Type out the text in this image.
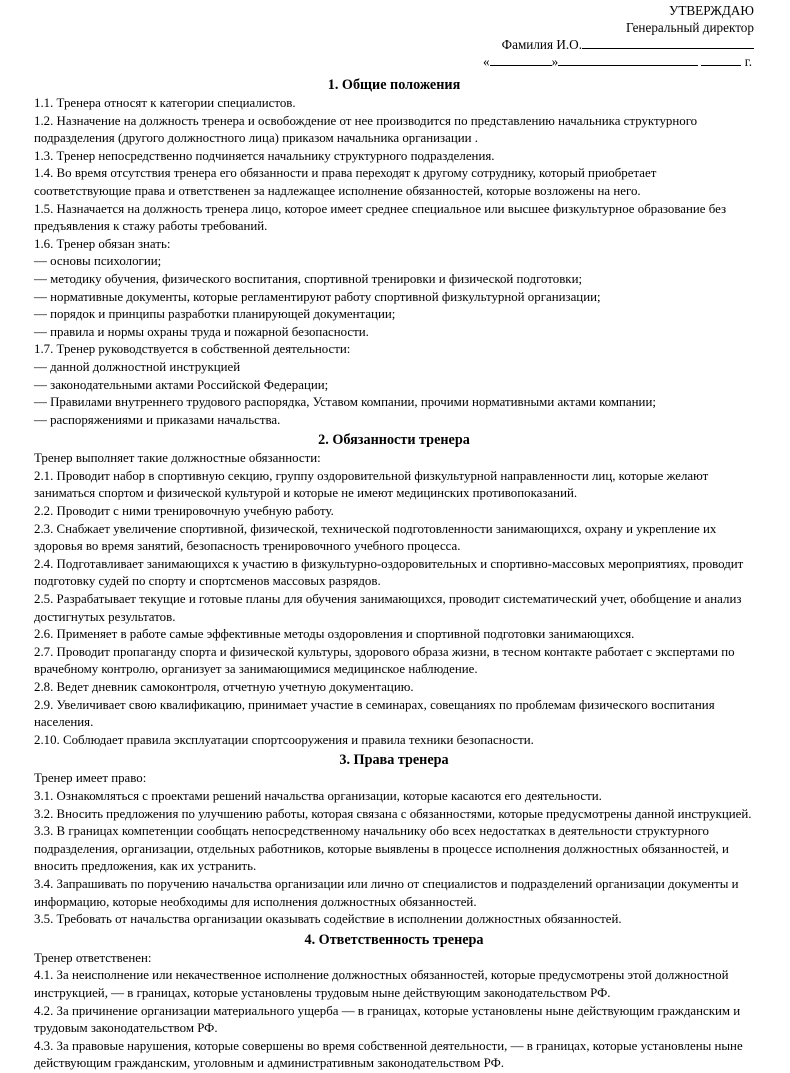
УТВЕРЖДАЮ
Генеральный директор
Фамилия И.О.
«	»	г.
1. Общие положения

1.1. Тренера относят к категории специалистов.

1.2. Назначение на должность тренера и освобождение от нее производится по представлению начальника структурного подразделения (другого должностного лица) приказом начальника организации .

1.3. Тренер непосредственно подчиняется начальнику структурного подразделения.

1.4. Во время отсутствия тренера его обязанности и права переходят к другому сотруднику, который приобретает соответствующие права и ответственен за надлежащее исполнение обязанностей, которые возложены на него.

1.5. Назначается на должность тренера лицо, которое имеет среднее специальное или высшее физкультурное образование без предъявления к стажу работы требований.

1.6. Тренер обязан знать:

— основы психологии;

— методику обучения, физического воспитания, спортивной тренировки и физической подготовки;

— нормативные документы, которые регламентируют работу спортивной физкультурной организации;

— порядок и принципы разработки планирующей документации;

— правила и нормы охраны труда и пожарной безопасности.

1.7. Тренер руководствуется в собственной деятельности:

— данной должностной инструкцией

— законодательными актами Российской Федерации;

— Правилами внутреннего трудового распорядка, Уставом компании, прочими нормативными актами компании;

— распоряжениями и приказами начальства.

2. Обязанности тренера

Тренер выполняет такие должностные обязанности:

2.1. Проводит набор в спортивную секцию, группу оздоровительной физкультурной направленности лиц, которые желают заниматься спортом и физической культурой и которые не имеют медицинских противопоказаний.

2.2. Проводит с ними тренировочную учебную работу.

2.3. Снабжает увеличение спортивной, физической, технической подготовленности занимающихся, охрану и укрепление их здоровья во время занятий, безопасность тренировочного учебного процесса.

2.4. Подготавливает занимающихся к участию в физкультурно-оздоровительных и спортивно-массовых мероприятиях, проводит подготовку судей по спорту и спортсменов массовых разрядов.

2.5. Разрабатывает текущие и готовые планы для обучения занимающихся, проводит систематический учет, обобщение и анализ достигнутых результатов.

2.6. Применяет в работе самые эффективные методы оздоровления и спортивной подготовки занимающихся.

2.7. Проводит пропаганду спорта и физической культуры, здорового образа жизни, в тесном контакте работает с экспертами по врачебному контролю, организует за занимающимися медицинское наблюдение.

2.8. Ведет дневник самоконтроля, отчетную учетную документацию.

2.9. Увеличивает свою квалификацию, принимает участие в семинарах, совещаниях по проблемам физического воспитания населения.

2.10. Соблюдает правила эксплуатации спортсооружения и правила техники безопасности.

3. Права тренера

Тренер имеет право:

3.1. Ознакомляться с проектами решений начальства организации, которые касаются его деятельности.

3.2. Вносить предложения по улучшению работы, которая связана с обязанностями, которые предусмотрены данной инструкцией.

3.3. В границах компетенции сообщать непосредственному начальнику обо всех недостатках в деятельности структурного подразделения, организации, отдельных работников, которые выявлены в процессе исполнения должностных обязанностей, и вносить предложения, как их устранить.

3.4. Запрашивать по поручению начальства организации или лично от специалистов и подразделений организации документы и информацию, которые необходимы для исполнения должностных обязанностей.

3.5. Требовать от начальства организации оказывать содействие в исполнении должностных обязанностей.

4. Ответственность тренера

Тренер ответственен:

4.1. За неисполнение или некачественное исполнение должностных обязанностей, которые предусмотрены этой должностной инструкцией, — в границах, которые установлены трудовым ныне действующим законодательством РФ.

4.2. За причинение организации материального ущерба — в границах, которые установлены ныне действующим гражданским и трудовым законодательством РФ.

4.3. За правовые нарушения, которые совершены во время собственной деятельности, — в границах, которые установлены ныне действующим гражданским, уголовным и административным законодательством РФ.
